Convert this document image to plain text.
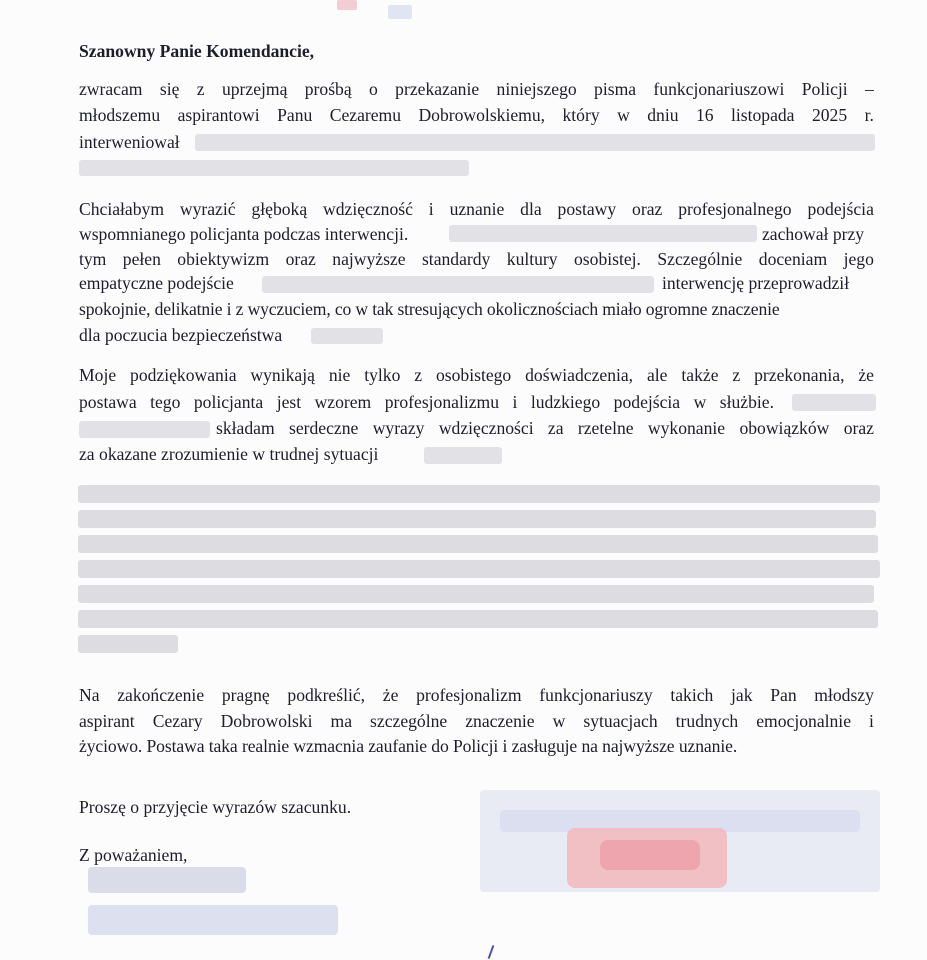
Szanowny Panie Komendancie,

zwracam się z uprzejmą prośbą o przekazanie niniejszego pisma funkcjonariuszowi Policji –

młodszemu aspirantowi Panu Cezaremu Dobrowolskiemu, który w dniu 16 listopada 2025 r.

interweniował

Chciałabym wyrazić głęboką wdzięczność i uznanie dla postawy oraz profesjonalnego podejścia

wspomnianego policjanta podczas interwencji.	zachował przy

tym pełen obiektywizm oraz najwyższe standardy kultury osobistej. Szczególnie doceniam jego

empatyczne podejście	interwencję przeprowadził

spokojnie, delikatnie i z wyczuciem, co w tak stresujących okolicznościach miało ogromne znaczenie

dla poczucia bezpieczeństwa

Moje podziękowania wynikają nie tylko z osobistego doświadczenia, ale także z przekonania, że

postawa tego policjanta jest wzorem profesjonalizmu i ludzkiego podejścia w służbie.

składam serdeczne wyrazy wdzięczności za rzetelne wykonanie obowiązków oraz

za okazane zrozumienie w trudnej sytuacji

Na zakończenie pragnę podkreślić, że profesjonalizm funkcjonariuszy takich jak Pan młodszy

aspirant Cezary Dobrowolski ma szczególne znaczenie w sytuacjach trudnych emocjonalnie i

życiowo. Postawa taka realnie wzmacnia zaufanie do Policji i zasługuje na najwyższe uznanie.

Proszę o przyjęcie wyrazów szacunku.

Z poważaniem,
